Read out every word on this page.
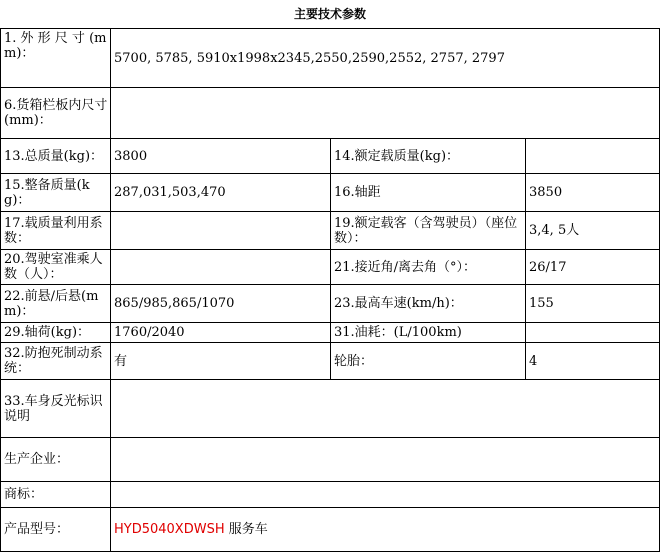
主要技术参数
1. 外 形 尺 寸 (mm)：	5700, 5785, 5910x1998x2345,2550,2590,2552, 2757, 2797		
6.货箱栏板内尺寸(mm)：			
13.总质量(kg)：	3800	14.额定载质量(kg)：	
15.整备质量(kg)：	287,031,503,470	16.轴距	3850
17.载质量利用系数：		19.额定载客（含驾驶员）（座位数）：	3,4, 5人
20.驾驶室准乘人数（人）：		21.接近角/离去角（°）：	26/17
22.前悬/后悬(mm)：	865/985,865/1070	23.最高车速(km/h)：	155
29.轴荷(kg)：	1760/2040	31.油耗：(L/100km)	
32.防抱死制动系统：	有	轮胎：	4
33.车身反光标识说明			
生产企业：			
商标：			
产品型号：	HYD5040XDWSH 服务车		
